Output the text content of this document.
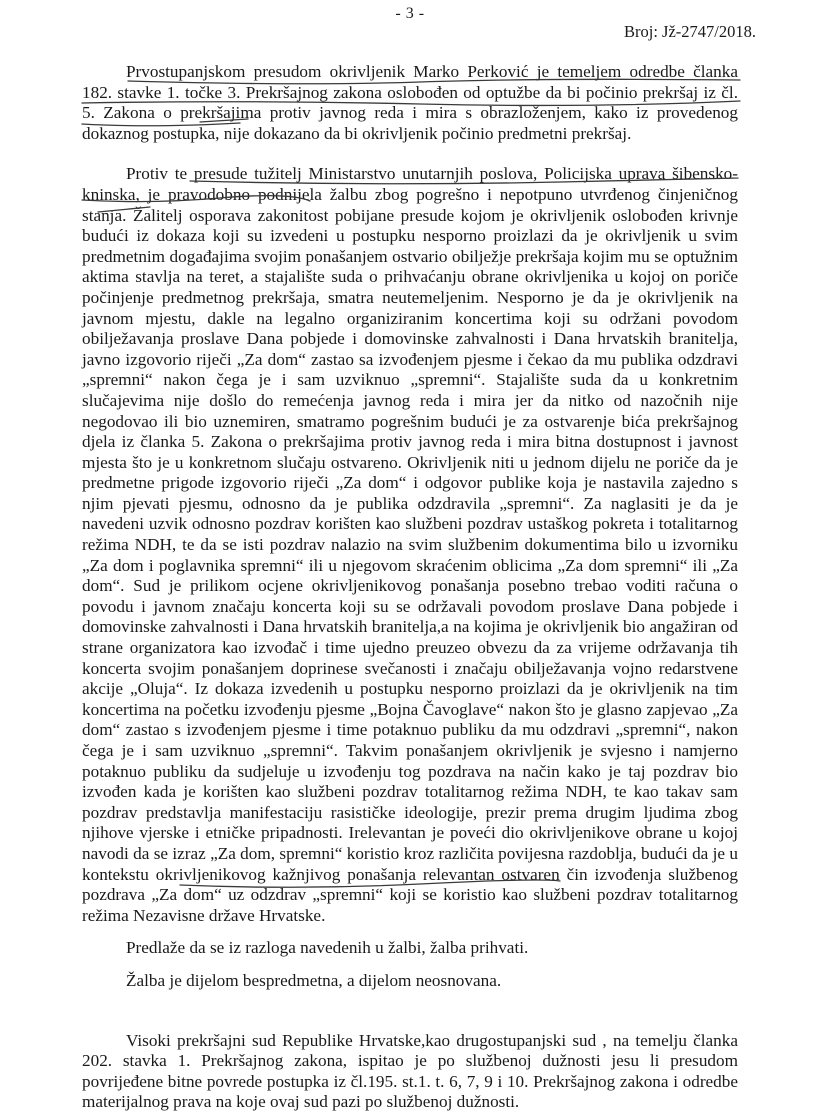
- 3 -
Broj: Jž-2747/2018.

Prvostupanjskom presudom okrivljenik Marko Perković je temeljem odredbe članka 182. stavke 1. točke 3. Prekršajnog zakona oslobođen od optužbe da bi počinio prekršaj iz čl. 5. Zakona o prekršajima protiv javnog reda i mira s obrazloženjem, kako iz provedenog dokaznog postupka, nije dokazano da bi okrivljenik počinio predmetni prekršaj.

Protiv te presude tužitelj Ministarstvo unutarnjih poslova, Policijska uprava šibensko-kninska, je pravodobno podnijela žalbu zbog pogrešno i nepotpuno utvrđenog činjeničnog stanja. Žalitelj osporava zakonitost pobijane presude kojom je okrivljenik oslobođen krivnje budući iz dokaza koji su izvedeni u postupku nesporno proizlazi da je okrivljenik u svim predmetnim događajima svojim ponašanjem ostvario obilježje prekršaja kojim mu se optužnim aktima stavlja na teret, a stajalište suda o prihvaćanju obrane okrivljenika u kojoj on poriče počinjenje predmetnog prekršaja, smatra neutemeljenim. Nesporno je da je okrivljenik na javnom mjestu, dakle na legalno organiziranim koncertima koji su održani povodom obilježavanja proslave Dana pobjede i domovinske zahvalnosti i Dana hrvatskih branitelja, javno izgovorio riječi „Za dom“ zastao sa izvođenjem pjesme i čekao da mu publika odzdravi „spremni“ nakon čega je i sam uzviknuo „spremni“. Stajalište suda da u konkretnim slučajevima nije došlo do remećenja javnog reda i mira jer da nitko od nazočnih nije negodovao ili bio uznemiren, smatramo pogrešnim budući je za ostvarenje bića prekršajnog djela iz članka 5. Zakona o prekršajima protiv javnog reda i mira bitna dostupnost i javnost mjesta što je u konkretnom slučaju ostvareno. Okrivljenik niti u jednom dijelu ne poriče da je predmetne prigode izgovorio riječi „Za dom“ i odgovor publike koja je nastavila zajedno s njim pjevati pjesmu, odnosno da je publika odzdravila „spremni“. Za naglasiti je da je navedeni uzvik odnosno pozdrav korišten kao službeni pozdrav ustaškog pokreta i totalitarnog režima NDH, te da se isti pozdrav nalazio na svim službenim dokumentima bilo u izvorniku „Za dom i poglavnika spremni“ ili u njegovom skraćenim oblicima „Za dom spremni“ ili „Za dom“. Sud je prilikom ocjene okrivljenikovog ponašanja posebno trebao voditi računa o povodu i javnom značaju koncerta koji su se održavali povodom proslave Dana pobjede i domovinske zahvalnosti i Dana hrvatskih branitelja,a na kojima je okrivljenik bio angažiran od strane organizatora kao izvođač i time ujedno preuzeo obvezu da za vrijeme održavanja tih koncerta svojim ponašanjem doprinese svečanosti i značaju obilježavanja vojno redarstvene akcije „Oluja“. Iz dokaza izvedenih u postupku nesporno proizlazi da je okrivljenik na tim koncertima na početku izvođenju pjesme „Bojna Čavoglave“ nakon što je glasno zapjevao „Za dom“ zastao s izvođenjem pjesme i time potaknuo publiku da mu odzdravi „spremni“, nakon čega je i sam uzviknuo „spremni“. Takvim ponašanjem okrivljenik je svjesno i namjerno potaknuo publiku da sudjeluje u izvođenju tog pozdrava na način kako je taj pozdrav bio izvođen kada je korišten kao službeni pozdrav totalitarnog režima NDH, te kao takav sam pozdrav predstavlja manifestaciju rasističke ideologije, prezir prema drugim ljudima zbog njihove vjerske i etničke pripadnosti. Irelevantan je poveći dio okrivljenikove obrane u kojoj navodi da se izraz „Za dom, spremni“ koristio kroz različita povijesna razdoblja, budući da je u kontekstu okrivljenikovog kažnjivog ponašanja relevantan ostvaren čin izvođenja službenog pozdrava „Za dom“ uz odzdrav „spremni“ koji se koristio kao službeni pozdrav totalitarnog režima Nezavisne države Hrvatske.

Predlaže da se iz razloga navedenih u žalbi, žalba prihvati.

Žalba je dijelom bespredmetna, a dijelom neosnovana.

Visoki prekršajni sud Republike Hrvatske,kao drugostupanjski sud , na temelju članka 202. stavka 1. Prekršajnog zakona, ispitao je po službenoj dužnosti jesu li presudom povrijeđene bitne povrede postupka iz čl.195. st.1. t. 6, 7, 9 i 10. Prekršajnog zakona i odredbe materijalnog prava na koje ovaj sud pazi po službenoj dužnosti.
